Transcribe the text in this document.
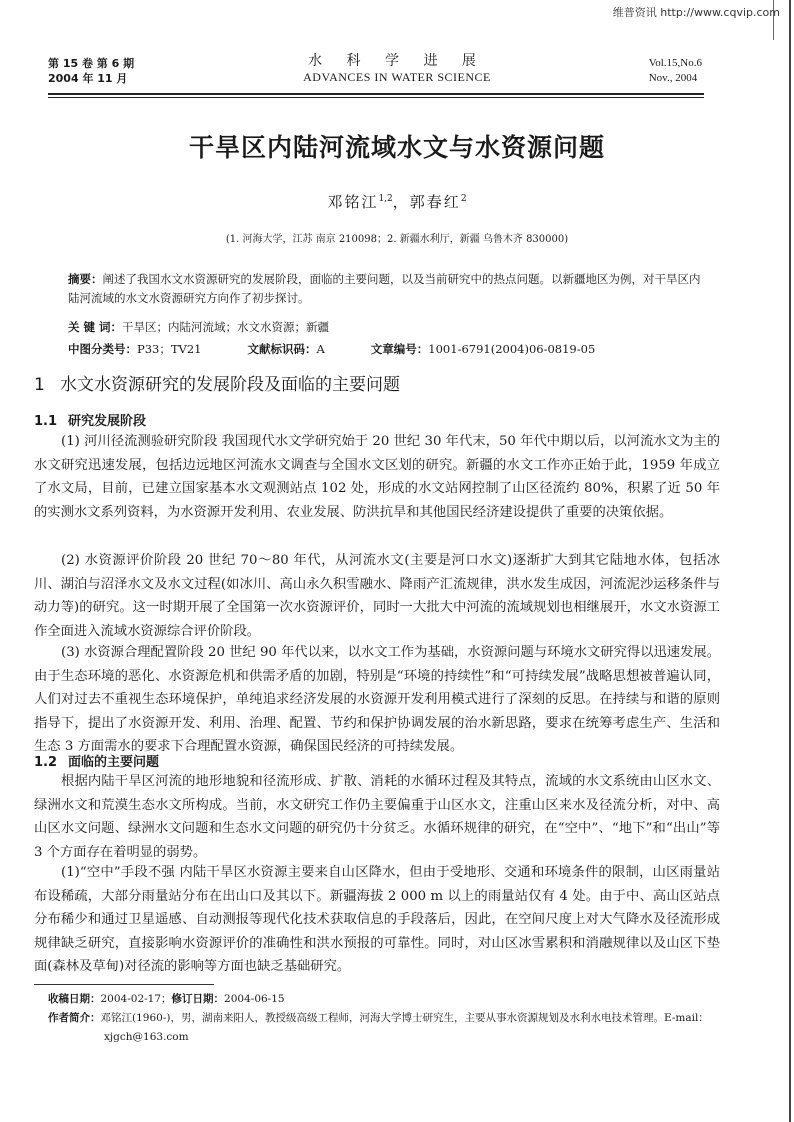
维普资讯 http://www.cqvip.com
第 15 卷 第 6 期
2004 年 11 月
水 科 学 进 展
ADVANCES IN WATER SCIENCE
Vol.15,No.6
Nov., 2004
干旱区内陆河流域水文与水资源问题
邓铭江$^{1,2}$，郭春红$^2$
(1. 河海大学，江苏 南京 210098；2. 新疆水利厅，新疆 乌鲁木齐 830000)
摘要：阐述了我国水文水资源研究的发展阶段，面临的主要问题，以及当前研究中的热点问题。以新疆地区为例，对干旱区内陆河流域的水文水资源研究方向作了初步探讨。
关 键 词：干旱区；内陆河流域；水文水资源；新疆
中图分类号：P33；TV21	文献标识码：A	文章编号：1001-6791(2004)06-0819-05
1 水文水资源研究的发展阶段及面临的主要问题
1.1 研究发展阶段
(1) 河川径流测验研究阶段 我国现代水文学研究始于 20 世纪 30 年代末，50 年代中期以后，以河流水文为主的水文研究迅速发展，包括边远地区河流水文调查与全国水文区划的研究。新疆的水文工作亦正始于此，1959 年成立了水文局，目前，已建立国家基本水文观测站点 102 处，形成的水文站网控制了山区径流约 80%，积累了近 50 年的实测水文系列资料，为水资源开发利用、农业发展、防洪抗旱和其他国民经济建设提供了重要的决策依据。
(2) 水资源评价阶段 20 世纪 70～80 年代，从河流水文(主要是河口水文)逐渐扩大到其它陆地水体，包括冰川、湖泊与沼泽水文及水文过程(如冰川、高山永久积雪融水、降雨产汇流规律，洪水发生成因，河流泥沙运移条件与动力等)的研究。这一时期开展了全国第一次水资源评价，同时一大批大中河流的流域规划也相继展开，水文水资源工作全面进入流域水资源综合评价阶段。
(3) 水资源合理配置阶段 20 世纪 90 年代以来，以水文工作为基础，水资源问题与环境水文研究得以迅速发展。由于生态环境的恶化、水资源危机和供需矛盾的加剧，特别是“环境的持续性”和“可持续发展”战略思想被普遍认同，人们对过去不重视生态环境保护，单纯追求经济发展的水资源开发利用模式进行了深刻的反思。在持续与和谐的原则指导下，提出了水资源开发、利用、治理、配置、节约和保护协调发展的治水新思路，要求在统筹考虑生产、生活和生态 3 方面需水的要求下合理配置水资源，确保国民经济的可持续发展。
1.2 面临的主要问题
根据内陆干旱区河流的地形地貌和径流形成、扩散、消耗的水循环过程及其特点，流域的水文系统由山区水文、绿洲水文和荒漠生态水文所构成。当前，水文研究工作仍主要偏重于山区水文，注重山区来水及径流分析，对中、高山区水文问题、绿洲水文问题和生态水文问题的研究仍十分贫乏。水循环规律的研究，在“空中”、“地下”和“出山”等 3 个方面存在着明显的弱势。
(1)“空中”手段不强 内陆干旱区水资源主要来自山区降水，但由于受地形、交通和环境条件的限制，山区雨量站布设稀疏，大部分雨量站分布在出山口及其以下。新疆海拔 2 000 m 以上的雨量站仅有 4 处。由于中、高山区站点分布稀少和通过卫星遥感、自动测报等现代化技术获取信息的手段落后，因此，在空间尺度上对大气降水及径流形成规律缺乏研究，直接影响水资源评价的准确性和洪水预报的可靠性。同时，对山区冰雪累积和消融规律以及山区下垫面(森林及草甸)对径流的影响等方面也缺乏基础研究。
收稿日期：2004-02-17；修订日期：2004-06-15
作者简介：邓铭江(1960-)，男，湖南来阳人，教授级高级工程师，河海大学博士研究生，主要从事水资源规划及水利水电技术管理。E-mail：xjgch@163.com
